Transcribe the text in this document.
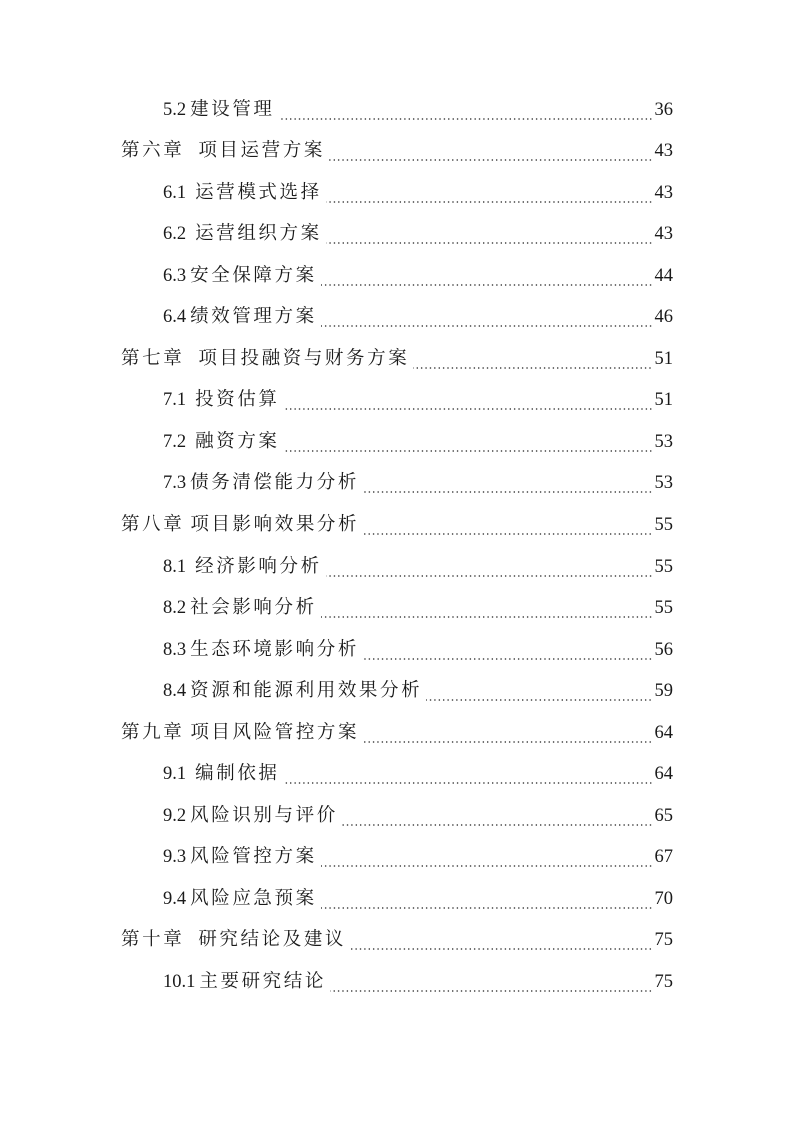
5.2 建设管理	36
第六章 项目运营方案	43
6.1 运营模式选择	43
6.2 运营组织方案	43
6.3 安全保障方案	44
6.4 绩效管理方案	46
第七章 项目投融资与财务方案	51
7.1 投资估算	51
7.2 融资方案	53
7.3 债务清偿能力分析	53
第八章 项目影响效果分析	55
8.1 经济影响分析	55
8.2 社会影响分析	55
8.3 生态环境影响分析	56
8.4 资源和能源利用效果分析	59
第九章 项目风险管控方案	64
9.1 编制依据	64
9.2 风险识别与评价	65
9.3 风险管控方案	67
9.4 风险应急预案	70
第十章 研究结论及建议	75
10.1 主要研究结论	75
